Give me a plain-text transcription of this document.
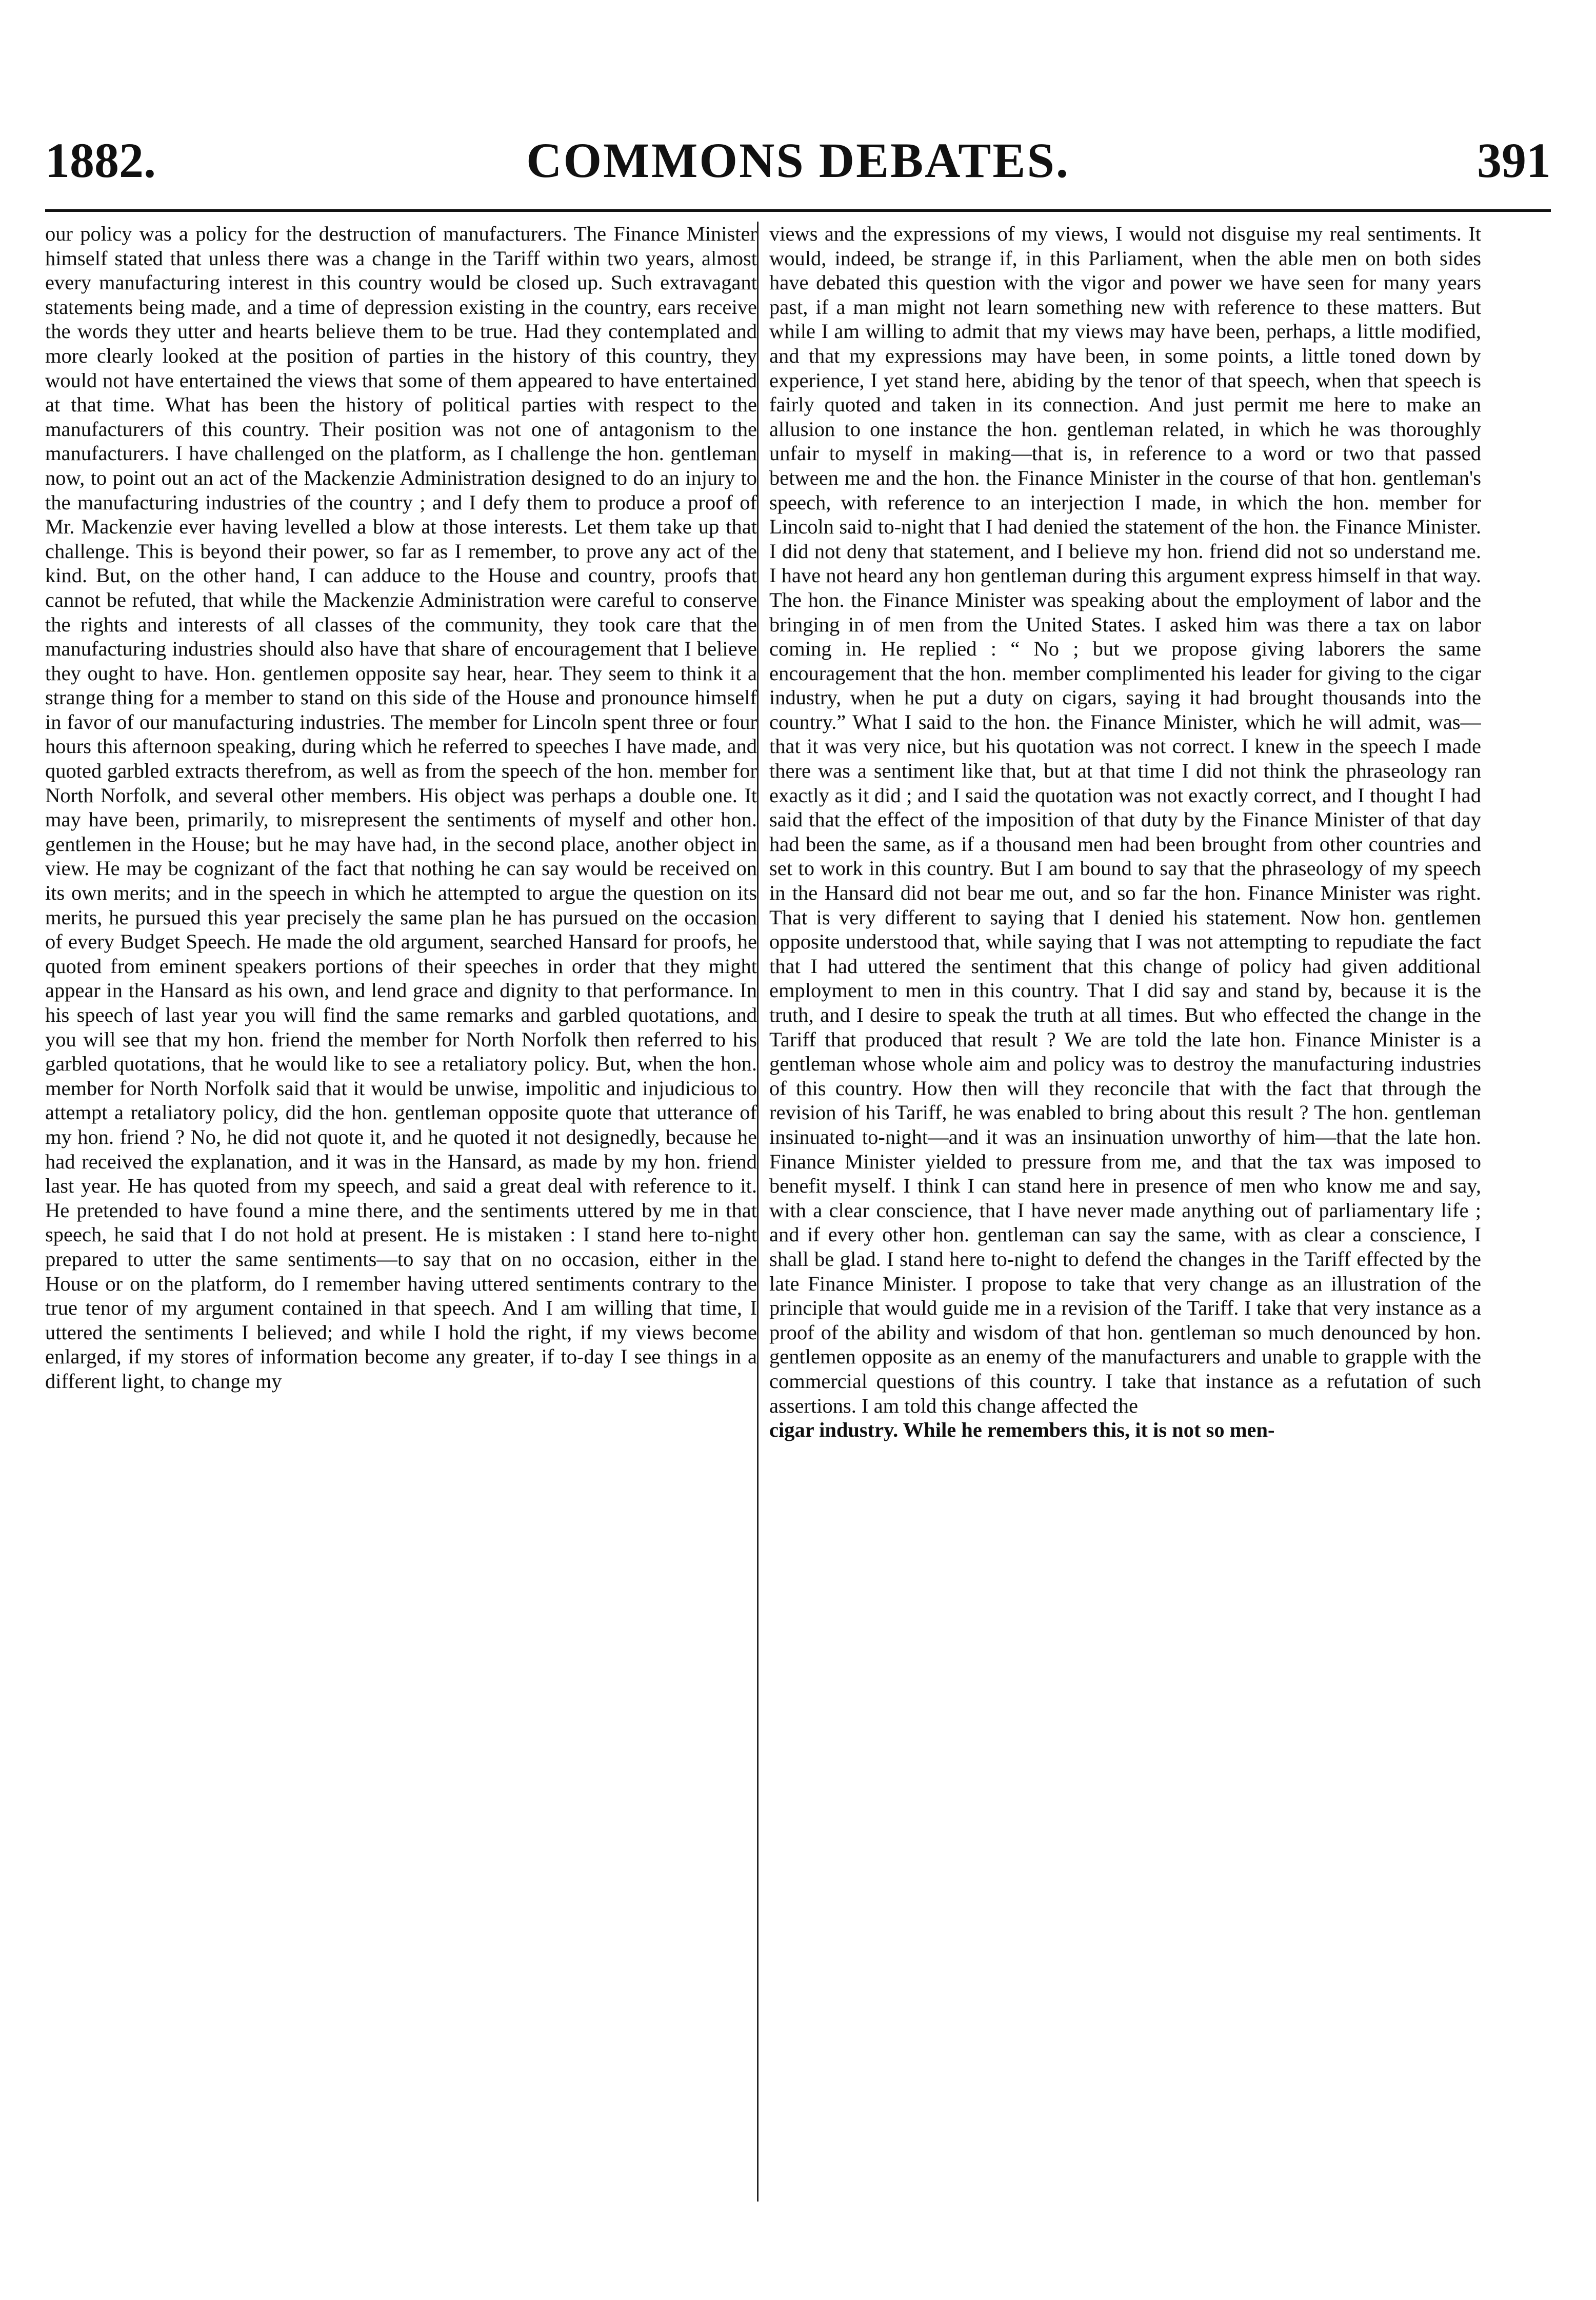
1882.	COMMONS DEBATES.	391

our policy was a policy for the destruction of manufacturers. The Finance Minister himself stated that unless there was a change in the Tariff within two years, almost every manufacturing interest in this country would be closed up. Such extravagant statements being made, and a time of depression existing in the country, ears receive the words they utter and hearts believe them to be true. Had they contemplated and more clearly looked at the position of parties in the history of this country, they would not have entertained the views that some of them appeared to have entertained at that time. What has been the history of political parties with respect to the manufacturers of this country. Their position was not one of antagonism to the manufacturers. I have challenged on the platform, as I challenge the hon. gentleman now, to point out an act of the Mackenzie Administration designed to do an injury to the manufacturing industries of the country ; and I defy them to produce a proof of Mr. Mackenzie ever having levelled a blow at those interests. Let them take up that challenge. This is beyond their power, so far as I remember, to prove any act of the kind. But, on the other hand, I can adduce to the House and country, proofs that cannot be refuted, that while the Mackenzie Administration were careful to conserve the rights and interests of all classes of the community, they took care that the manufacturing industries should also have that share of encouragement that I believe they ought to have. Hon. gentlemen opposite say hear, hear. They seem to think it a strange thing for a member to stand on this side of the House and pronounce himself in favor of our manufacturing industries. The member for Lincoln spent three or four hours this afternoon speaking, during which he referred to speeches I have made, and quoted garbled extracts therefrom, as well as from the speech of the hon. member for North Norfolk, and several other members. His object was perhaps a double one. It may have been, primarily, to misrepresent the sentiments of myself and other hon. gentlemen in the House; but he may have had, in the second place, another object in view. He may be cognizant of the fact that nothing he can say would be received on its own merits; and in the speech in which he attempted to argue the question on its merits, he pursued this year precisely the same plan he has pursued on the occasion of every Budget Speech. He made the old argument, searched Hansard for proofs, he quoted from eminent speakers portions of their speeches in order that they might appear in the Hansard as his own, and lend grace and dignity to that performance. In his speech of last year you will find the same remarks and garbled quotations, and you will see that my hon. friend the member for North Norfolk then referred to his garbled quotations, that he would like to see a retaliatory policy. But, when the hon. member for North Norfolk said that it would be unwise, impolitic and injudicious to attempt a retaliatory policy, did the hon. gentleman opposite quote that utterance of my hon. friend ? No, he did not quote it, and he quoted it not designedly, because he had received the explanation, and it was in the Hansard, as made by my hon. friend last year. He has quoted from my speech, and said a great deal with reference to it. He pretended to have found a mine there, and the sentiments uttered by me in that speech, he said that I do not hold at present. He is mistaken : I stand here to-night prepared to utter the same sentiments—to say that on no occasion, either in the House or on the platform, do I remember having uttered sentiments contrary to the true tenor of my argument contained in that speech. And I am willing that time, I uttered the sentiments I believed; and while I hold the right, if my views become enlarged, if my stores of information become any greater, if to-day I see things in a different light, to change my

views and the expressions of my views, I would not disguise my real sentiments. It would, indeed, be strange if, in this Parliament, when the able men on both sides have debated this question with the vigor and power we have seen for many years past, if a man might not learn something new with reference to these matters. But while I am willing to admit that my views may have been, perhaps, a little modified, and that my expressions may have been, in some points, a little toned down by experience, I yet stand here, abiding by the tenor of that speech, when that speech is fairly quoted and taken in its connection. And just permit me here to make an allusion to one instance the hon. gentleman related, in which he was thoroughly unfair to myself in making—that is, in reference to a word or two that passed between me and the hon. the Finance Minister in the course of that hon. gentleman's speech, with reference to an interjection I made, in which the hon. member for Lincoln said to-night that I had denied the statement of the hon. the Finance Minister. I did not deny that statement, and I believe my hon. friend did not so understand me. I have not heard any hon gentleman during this argument express himself in that way. The hon. the Finance Minister was speaking about the employment of labor and the bringing in of men from the United States. I asked him was there a tax on labor coming in. He replied : “ No ; but we propose giving laborers the same encouragement that the hon. member complimented his leader for giving to the cigar industry, when he put a duty on cigars, saying it had brought thousands into the country.” What I said to the hon. the Finance Minister, which he will admit, was—that it was very nice, but his quotation was not correct. I knew in the speech I made there was a sentiment like that, but at that time I did not think the phraseology ran exactly as it did ; and I said the quotation was not exactly correct, and I thought I had said that the effect of the imposition of that duty by the Finance Minister of that day had been the same, as if a thousand men had been brought from other countries and set to work in this country. But I am bound to say that the phraseology of my speech in the Hansard did not bear me out, and so far the hon. Finance Minister was right. That is very different to saying that I denied his statement. Now hon. gentlemen opposite understood that, while saying that I was not attempting to repudiate the fact that I had uttered the sentiment that this change of policy had given additional employment to men in this country. That I did say and stand by, because it is the truth, and I desire to speak the truth at all times. But who effected the change in the Tariff that produced that result ? We are told the late hon. Finance Minister is a gentleman whose whole aim and policy was to destroy the manufacturing industries of this country. How then will they reconcile that with the fact that through the revision of his Tariff, he was enabled to bring about this result ? The hon. gentleman insinuated to-night—and it was an insinuation unworthy of him—that the late hon. Finance Minister yielded to pressure from me, and that the tax was imposed to benefit myself. I think I can stand here in presence of men who know me and say, with a clear conscience, that I have never made anything out of parliamentary life ; and if every other hon. gentleman can say the same, with as clear a conscience, I shall be glad. I stand here to-night to defend the changes in the Tariff effected by the late Finance Minister. I propose to take that very change as an illustration of the principle that would guide me in a revision of the Tariff. I take that very instance as a proof of the ability and wisdom of that hon. gentleman so much denounced by hon. gentlemen opposite as an enemy of the manufacturers and unable to grapple with the commercial questions of this country. I take that instance as a refutation of such assertions. I am told this change affected the

cigar industry. While he remembers this, it is not so men-
